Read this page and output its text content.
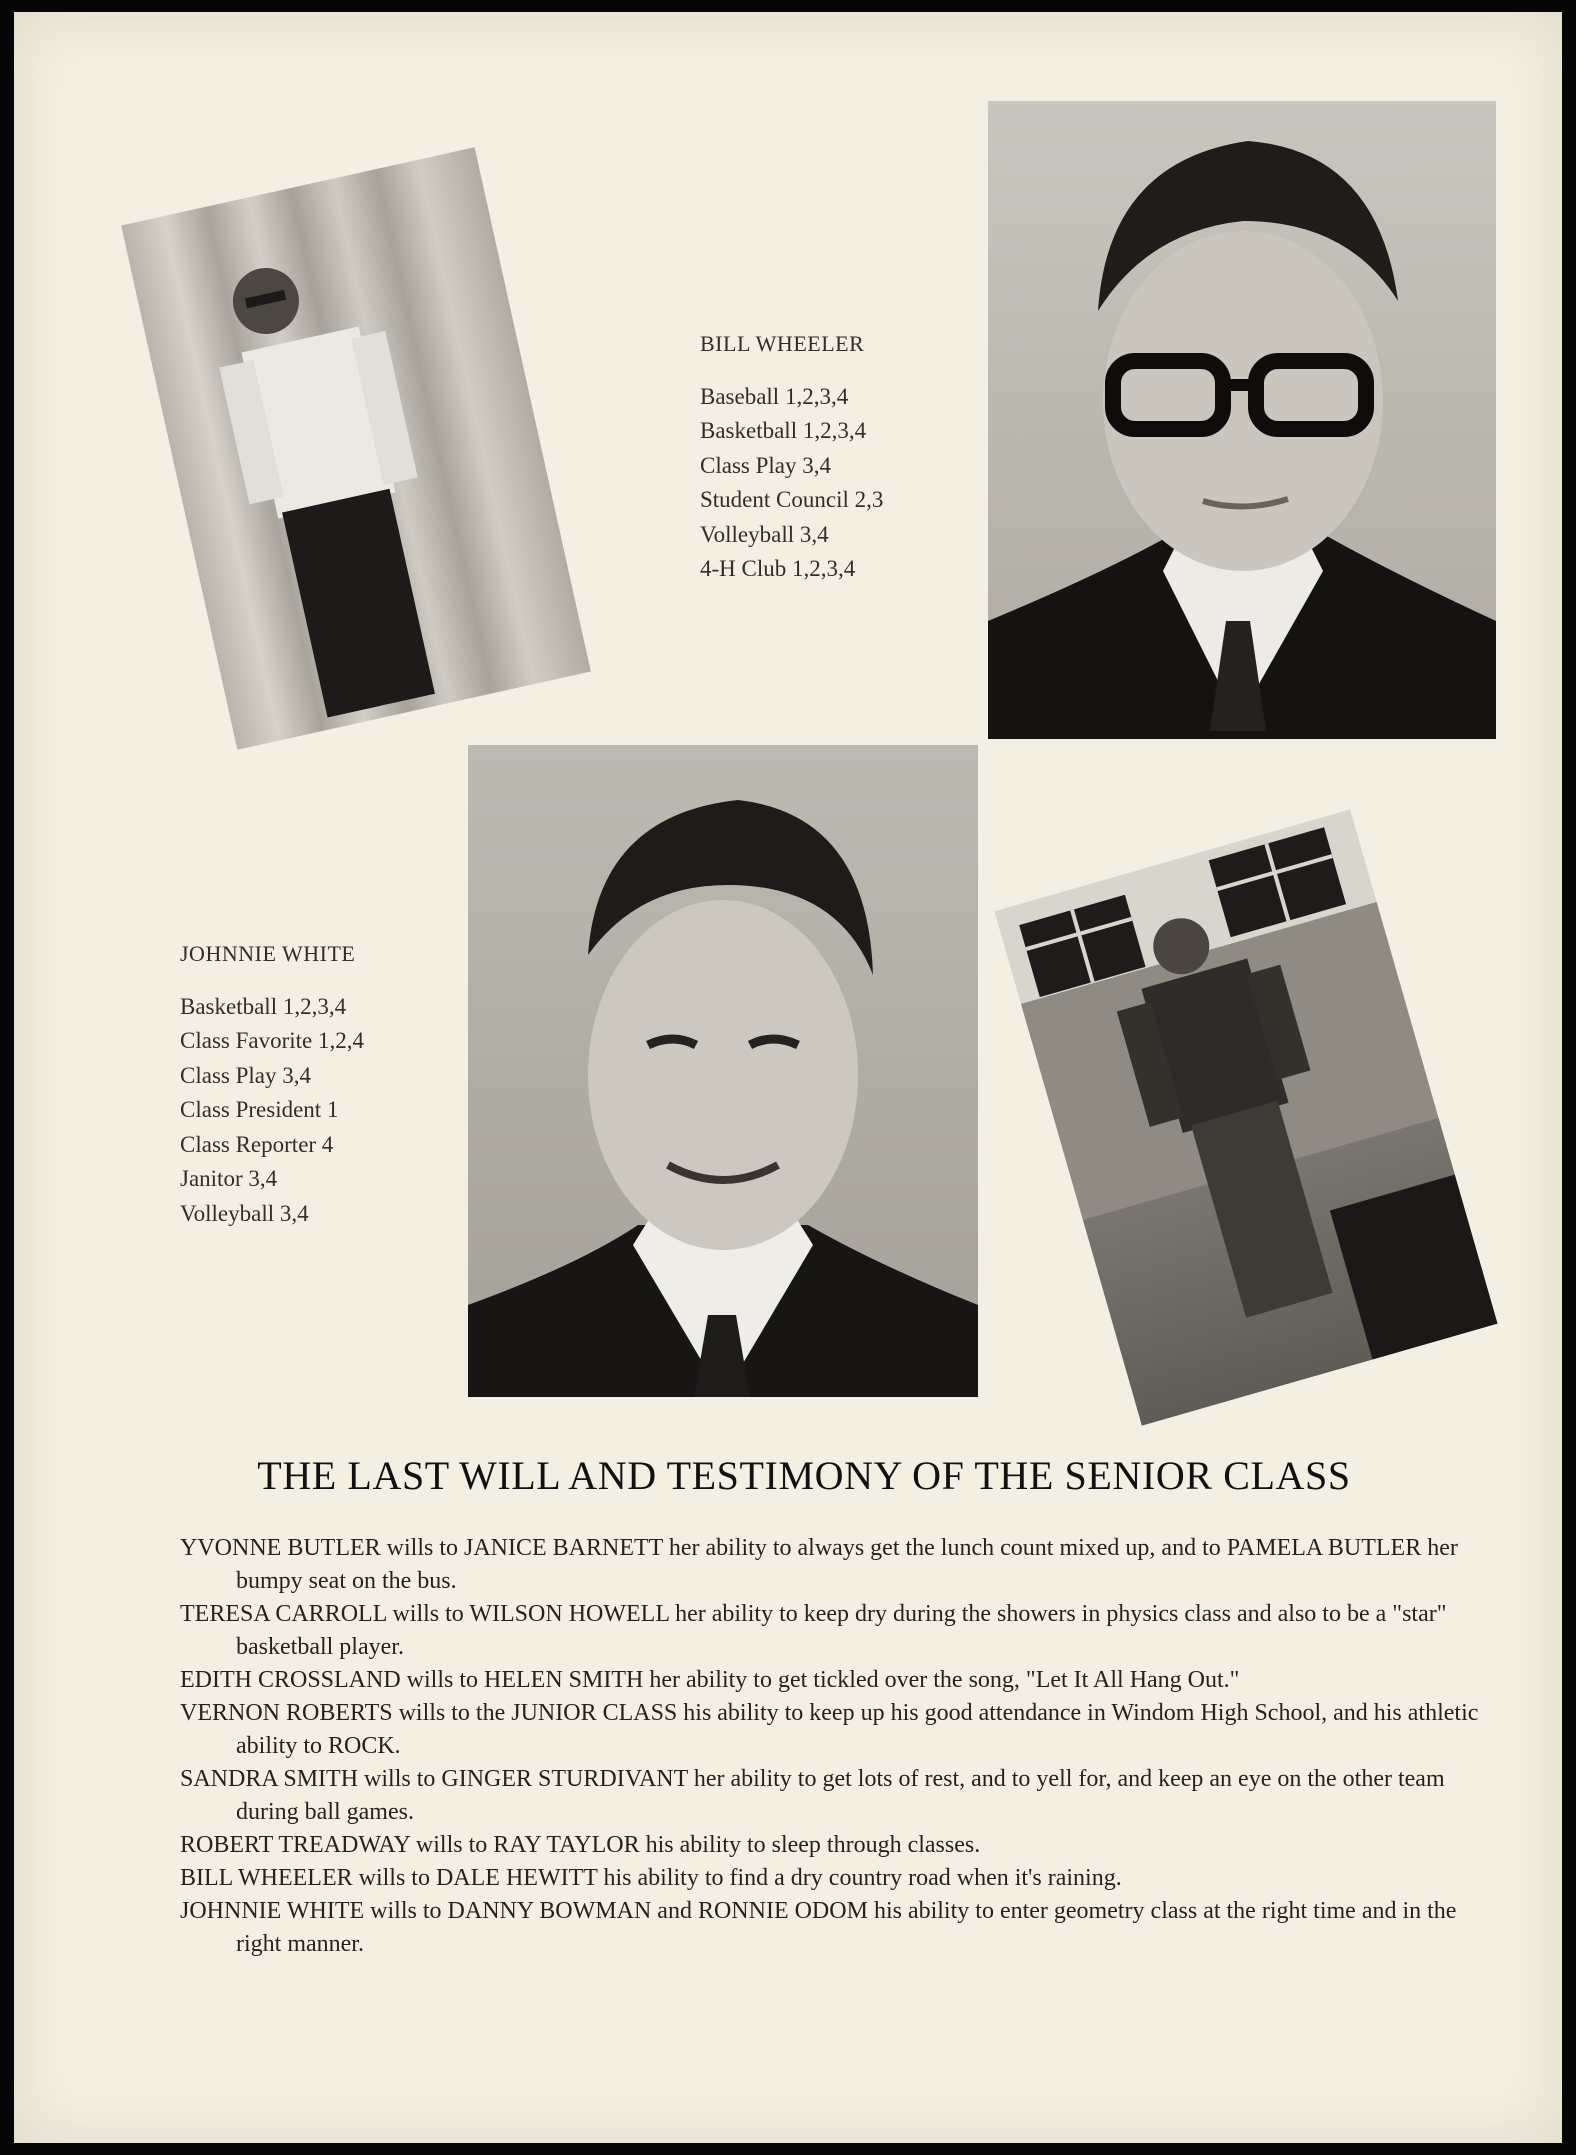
BILL WHEELER
Baseball 1,2,3,4
Basketball 1,2,3,4
Class Play 3,4
Student Council 2,3
Volleyball 3,4
4-H Club 1,2,3,4
JOHNNIE WHITE
Basketball 1,2,3,4
Class Favorite 1,2,4
Class Play 3,4
Class President 1
Class Reporter 4
Janitor 3,4
Volleyball 3,4
THE LAST WILL AND TESTIMONY OF THE SENIOR CLASS
YVONNE BUTLER wills to JANICE BARNETT her ability to always get the lunch count mixed up, and to PAMELA BUTLER her bumpy seat on the bus.
TERESA CARROLL wills to WILSON HOWELL her ability to keep dry during the showers in physics class and also to be a "star" basketball player.
EDITH CROSSLAND wills to HELEN SMITH her ability to get tickled over the song, "Let It All Hang Out."
VERNON ROBERTS wills to the JUNIOR CLASS his ability to keep up his good attendance in Windom High School, and his athletic ability to ROCK.
SANDRA SMITH wills to GINGER STURDIVANT her ability to get lots of rest, and to yell for, and keep an eye on the other team during ball games.
ROBERT TREADWAY wills to RAY TAYLOR his ability to sleep through classes.
BILL WHEELER wills to DALE HEWITT his ability to find a dry country road when it's raining.
JOHNNIE WHITE wills to DANNY BOWMAN and RONNIE ODOM his ability to enter geometry class at the right time and in the right manner.
